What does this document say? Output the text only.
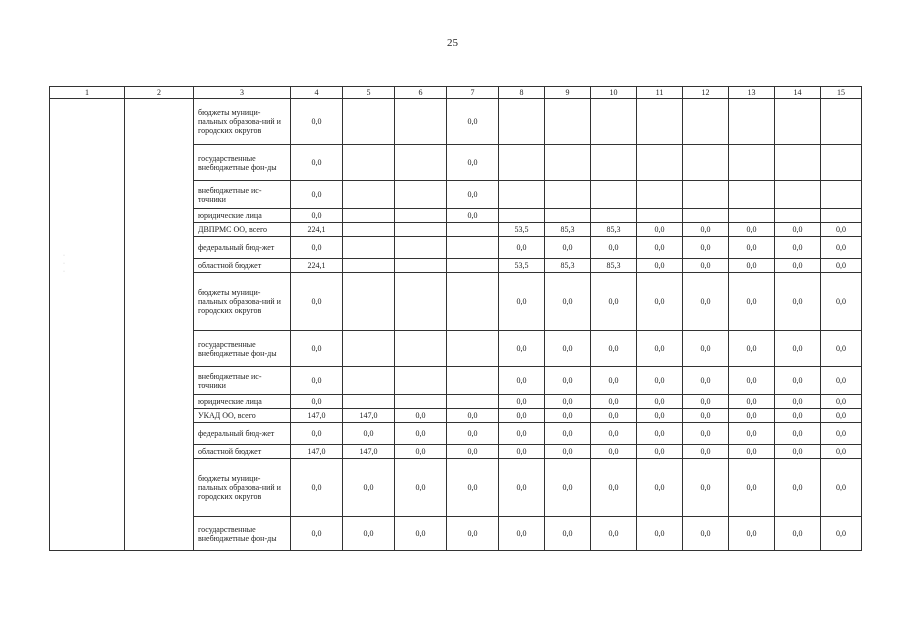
25
1	2	3	4	5	6	7	8	9	10	11	12	13	14	15
		бюджеты муници-пальных образова-ний и городских округов	0,0			0,0								
		государственные внебюджетные фон-ды	0,0			0,0								
		внебюджетные ис-точники	0,0			0,0								
		юридические лица	0,0			0,0								
		ДВПРМС ОО, всего	224,1				53,5	85,3	85,3	0,0	0,0	0,0	0,0	0,0
		федеральный бюд-жет	0,0				0,0	0,0	0,0	0,0	0,0	0,0	0,0	0,0
		областной бюджет	224,1				53,5	85,3	85,3	0,0	0,0	0,0	0,0	0,0
		бюджеты муници-пальных образова-ний и городских округов	0,0				0,0	0,0	0,0	0,0	0,0	0,0	0,0	0,0
		государственные внебюджетные фон-ды	0,0				0,0	0,0	0,0	0,0	0,0	0,0	0,0	0,0
		внебюджетные ис-точники	0,0				0,0	0,0	0,0	0,0	0,0	0,0	0,0	0,0
		юридические лица	0,0				0,0	0,0	0,0	0,0	0,0	0,0	0,0	0,0
		УКАД ОО, всего	147,0	147,0	0,0	0,0	0,0	0,0	0,0	0,0	0,0	0,0	0,0	0,0
		федеральный бюд-жет	0,0	0,0	0,0	0,0	0,0	0,0	0,0	0,0	0,0	0,0	0,0	0,0
		областной бюджет	147,0	147,0	0,0	0,0	0,0	0,0	0,0	0,0	0,0	0,0	0,0	0,0
		бюджеты муници-пальных образова-ний и городских округов	0,0	0,0	0,0	0,0	0,0	0,0	0,0	0,0	0,0	0,0	0,0	0,0
		государственные внебюджетные фон-ды	0,0	0,0	0,0	0,0	0,0	0,0	0,0	0,0	0,0	0,0	0,0	0,0
·
·
·
